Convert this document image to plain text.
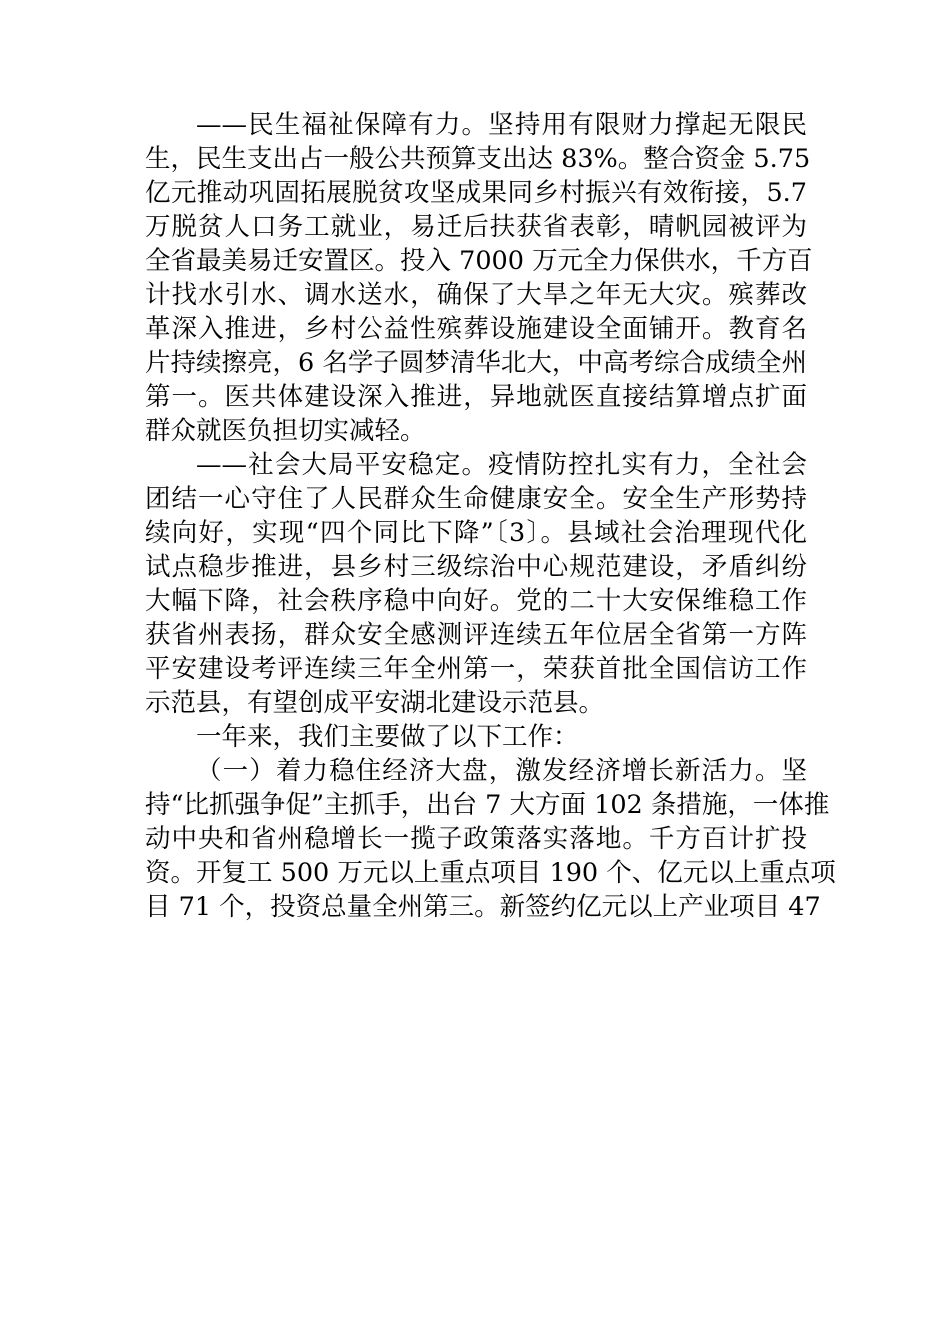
——民生福祉保障有力。坚持用有限财力撑起无限民
生，民生支出占一般公共预算支出达 83%。整合资金 5.75
亿元推动巩固拓展脱贫攻坚成果同乡村振兴有效衔接，5.7
万脱贫人口务工就业，易迁后扶获省表彰，晴帆园被评为
全省最美易迁安置区。投入 7000 万元全力保供水，千方百
计找水引水、调水送水，确保了大旱之年无大灾。殡葬改
革深入推进，乡村公益性殡葬设施建设全面铺开。教育名
片持续擦亮，6 名学子圆梦清华北大，中高考综合成绩全州
第一。医共体建设深入推进，异地就医直接结算增点扩面
群众就医负担切实减轻。
——社会大局平安稳定。疫情防控扎实有力，全社会
团结一心守住了人民群众生命健康安全。安全生产形势持
续向好，实现“四个同比下降”〔3〕。县域社会治理现代化
试点稳步推进，县乡村三级综治中心规范建设，矛盾纠纷
大幅下降，社会秩序稳中向好。党的二十大安保维稳工作
获省州表扬，群众安全感测评连续五年位居全省第一方阵
平安建设考评连续三年全州第一，荣获首批全国信访工作
示范县，有望创成平安湖北建设示范县。
一年来，我们主要做了以下工作：
（一）着力稳住经济大盘，激发经济增长新活力。坚
持“比抓强争促”主抓手，出台 7 大方面 102 条措施，一体推
动中央和省州稳增长一揽子政策落实落地。千方百计扩投
资。开复工 500 万元以上重点项目 190 个、亿元以上重点项
目 71 个，投资总量全州第三。新签约亿元以上产业项目 47
